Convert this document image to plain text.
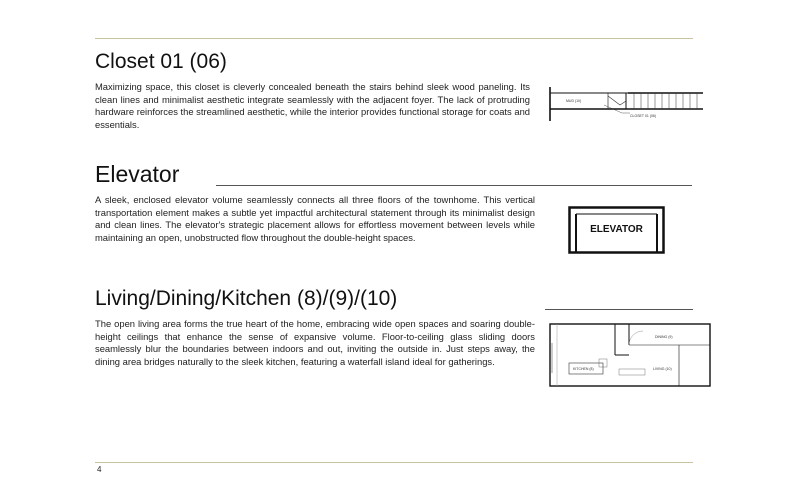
Closet 01 (06)

Maximizing space, this closet is cleverly concealed beneath the stairs behind sleek wood paneling. Its clean lines and minimalist aesthetic integrate seamlessly with the adjacent foyer. The lack of protruding hardware reinforces the streamlined aesthetic, while the interior provides functional storage for coats and essentials.

MUD (10)
CLOSET 01 (06)
Elevator

A sleek, enclosed elevator volume seamlessly connects all three floors of the townhome. This vertical transportation element makes a subtle yet impactful architectural statement through its minimalist design and clean lines. The elevator's strategic placement allows for effortless movement between levels while maintaining an open, unobstructed flow throughout the double-height spaces.

ELEVATOR
Living/Dining/Kitchen (8)/(9)/(10)

The open living area forms the true heart of the home, embracing wide open spaces and soaring double-height ceilings that enhance the sense of expansive volume. Floor-to-ceiling glass sliding doors seamlessly blur the boundaries between indoors and out, inviting the outside in. Just steps away, the dining area bridges naturally to the sleek kitchen, featuring a waterfall island ideal for gatherings.

DINING (9)
KITCHEN (8)	LIVING (10)
4
